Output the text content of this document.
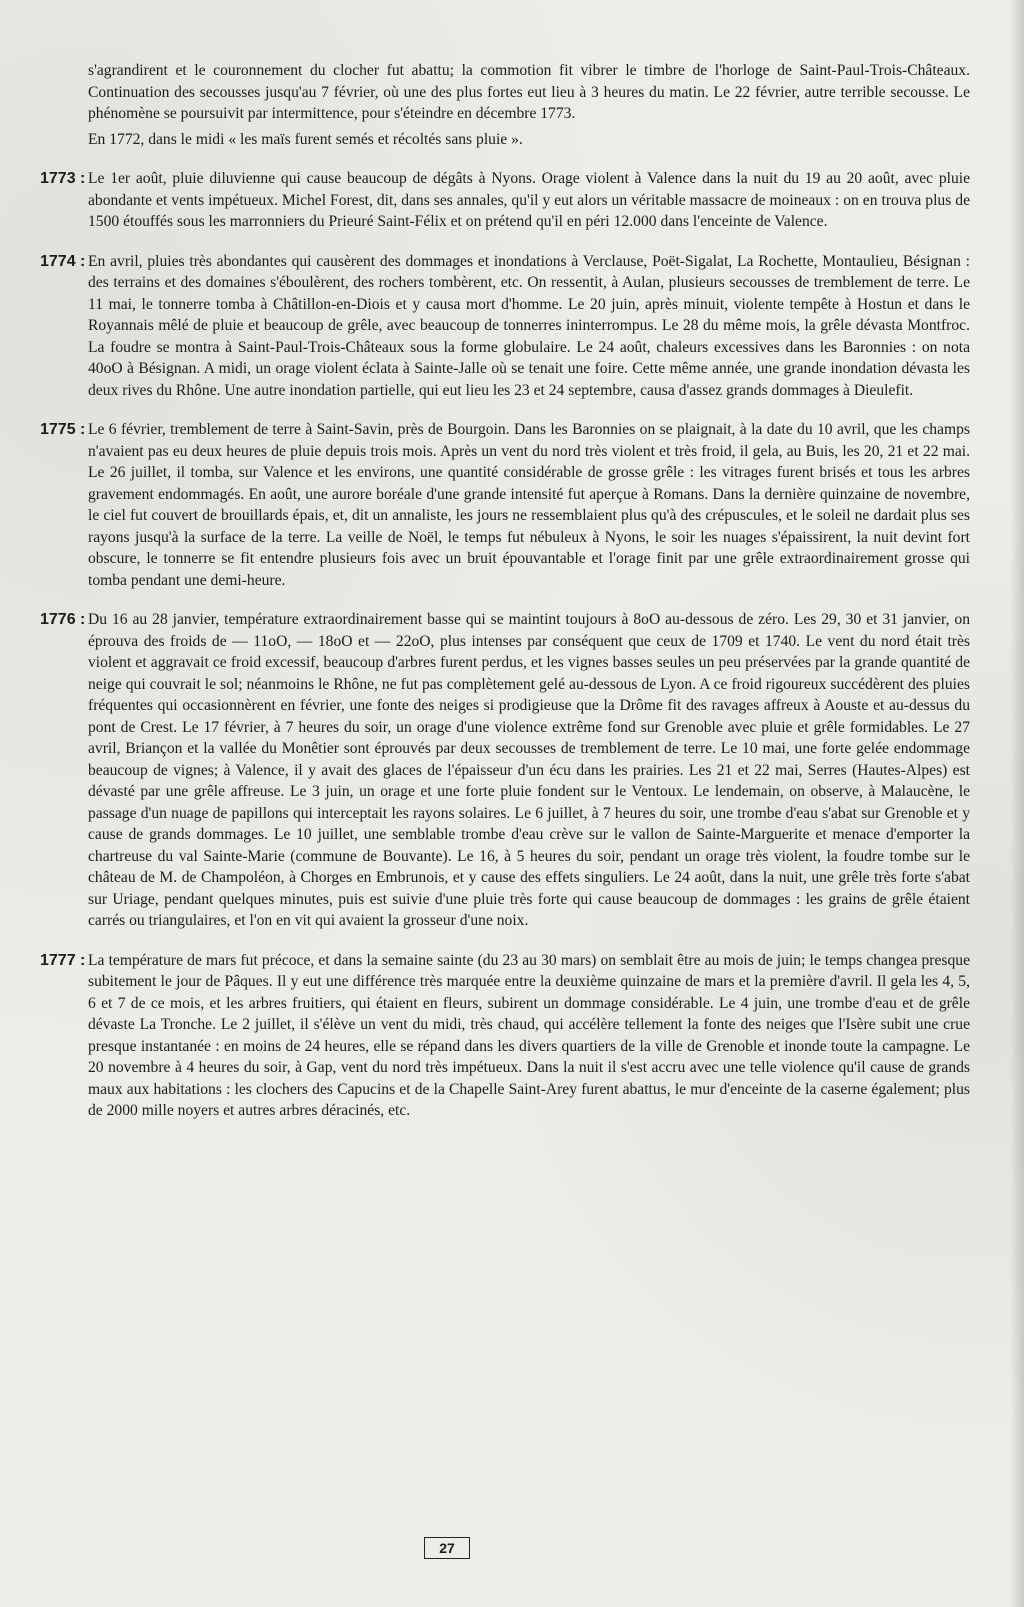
s'agrandirent et le couronnement du clocher fut abattu; la commotion fit vibrer le timbre de l'horloge de Saint-Paul-Trois-Châteaux. Continuation des secousses jusqu'au 7 février, où une des plus fortes eut lieu à 3 heures du matin. Le 22 février, autre terrible secousse. Le phénomène se poursuivit par intermittence, pour s'éteindre en décembre 1773.

En 1772, dans le midi « les maïs furent semés et récoltés sans pluie ».

1773 : Le 1er août, pluie diluvienne qui cause beaucoup de dégâts à Nyons. Orage violent à Valence dans la nuit du 19 au 20 août, avec pluie abondante et vents impétueux. Michel Forest, dit, dans ses annales, qu'il y eut alors un véritable massacre de moineaux : on en trouva plus de 1500 étouffés sous les marronniers du Prieuré Saint-Félix et on prétend qu'il en péri 12.000 dans l'enceinte de Valence.
1774 : En avril, pluies très abondantes qui causèrent des dommages et inondations à Verclause, Poët-Sigalat, La Rochette, Montaulieu, Bésignan : des terrains et des domaines s'éboulèrent, des rochers tombèrent, etc. On ressentit, à Aulan, plusieurs secousses de tremblement de terre. Le 11 mai, le tonnerre tomba à Châtillon-en-Diois et y causa mort d'homme. Le 20 juin, après minuit, violente tempête à Hostun et dans le Royannais mêlé de pluie et beaucoup de grêle, avec beaucoup de tonnerres ininterrompus. Le 28 du même mois, la grêle dévasta Montfroc. La foudre se montra à Saint-Paul-Trois-Châteaux sous la forme globulaire. Le 24 août, chaleurs excessives dans les Baronnies : on nota 40oO à Bésignan. A midi, un orage violent éclata à Sainte-Jalle où se tenait une foire. Cette même année, une grande inondation dévasta les deux rives du Rhône. Une autre inondation partielle, qui eut lieu les 23 et 24 septembre, causa d'assez grands dommages à Dieulefit.
1775 : Le 6 février, tremblement de terre à Saint-Savin, près de Bourgoin. Dans les Baronnies on se plaignait, à la date du 10 avril, que les champs n'avaient pas eu deux heures de pluie depuis trois mois. Après un vent du nord très violent et très froid, il gela, au Buis, les 20, 21 et 22 mai. Le 26 juillet, il tomba, sur Valence et les environs, une quantité considérable de grosse grêle : les vitrages furent brisés et tous les arbres gravement endommagés. En août, une aurore boréale d'une grande intensité fut aperçue à Romans. Dans la dernière quinzaine de novembre, le ciel fut couvert de brouillards épais, et, dit un annaliste, les jours ne ressemblaient plus qu'à des crépuscules, et le soleil ne dardait plus ses rayons jusqu'à la surface de la terre. La veille de Noël, le temps fut nébuleux à Nyons, le soir les nuages s'épaissirent, la nuit devint fort obscure, le tonnerre se fit entendre plusieurs fois avec un bruit épouvantable et l'orage finit par une grêle extraordinairement grosse qui tomba pendant une demi-heure.
1776 : Du 16 au 28 janvier, température extraordinairement basse qui se maintint toujours à 8oO au-dessous de zéro. Les 29, 30 et 31 janvier, on éprouva des froids de — 11oO, — 18oO et — 22oO, plus intenses par conséquent que ceux de 1709 et 1740. Le vent du nord était très violent et aggravait ce froid excessif, beaucoup d'arbres furent perdus, et les vignes basses seules un peu préservées par la grande quantité de neige qui couvrait le sol; néanmoins le Rhône, ne fut pas complètement gelé au-dessous de Lyon. A ce froid rigoureux succédèrent des pluies fréquentes qui occasionnèrent en février, une fonte des neiges si prodigieuse que la Drôme fit des ravages affreux à Aouste et au-dessus du pont de Crest. Le 17 février, à 7 heures du soir, un orage d'une violence extrême fond sur Grenoble avec pluie et grêle formidables. Le 27 avril, Briançon et la vallée du Monêtier sont éprouvés par deux secousses de tremblement de terre. Le 10 mai, une forte gelée endommage beaucoup de vignes; à Valence, il y avait des glaces de l'épaisseur d'un écu dans les prairies. Les 21 et 22 mai, Serres (Hautes-Alpes) est dévasté par une grêle affreuse. Le 3 juin, un orage et une forte pluie fondent sur le Ventoux. Le lendemain, on observe, à Malaucène, le passage d'un nuage de papillons qui interceptait les rayons solaires. Le 6 juillet, à 7 heures du soir, une trombe d'eau s'abat sur Grenoble et y cause de grands dommages. Le 10 juillet, une semblable trombe d'eau crève sur le vallon de Sainte-Marguerite et menace d'emporter la chartreuse du val Sainte-Marie (commune de Bouvante). Le 16, à 5 heures du soir, pendant un orage très violent, la foudre tombe sur le château de M. de Champoléon, à Chorges en Embrunois, et y cause des effets singuliers. Le 24 août, dans la nuit, une grêle très forte s'abat sur Uriage, pendant quelques minutes, puis est suivie d'une pluie très forte qui cause beaucoup de dommages : les grains de grêle étaient carrés ou triangulaires, et l'on en vit qui avaient la grosseur d'une noix.
1777 : La température de mars fut précoce, et dans la semaine sainte (du 23 au 30 mars) on semblait être au mois de juin; le temps changea presque subitement le jour de Pâques. Il y eut une différence très marquée entre la deuxième quinzaine de mars et la première d'avril. Il gela les 4, 5, 6 et 7 de ce mois, et les arbres fruitiers, qui étaient en fleurs, subirent un dommage considérable. Le 4 juin, une trombe d'eau et de grêle dévaste La Tronche. Le 2 juillet, il s'élève un vent du midi, très chaud, qui accélère tellement la fonte des neiges que l'Isère subit une crue presque instantanée : en moins de 24 heures, elle se répand dans les divers quartiers de la ville de Grenoble et inonde toute la campagne. Le 20 novembre à 4 heures du soir, à Gap, vent du nord très impétueux. Dans la nuit il s'est accru avec une telle violence qu'il cause de grands maux aux habitations : les clochers des Capucins et de la Chapelle Saint-Arey furent abattus, le mur d'enceinte de la caserne également; plus de 2000 mille noyers et autres arbres déracinés, etc.
27
